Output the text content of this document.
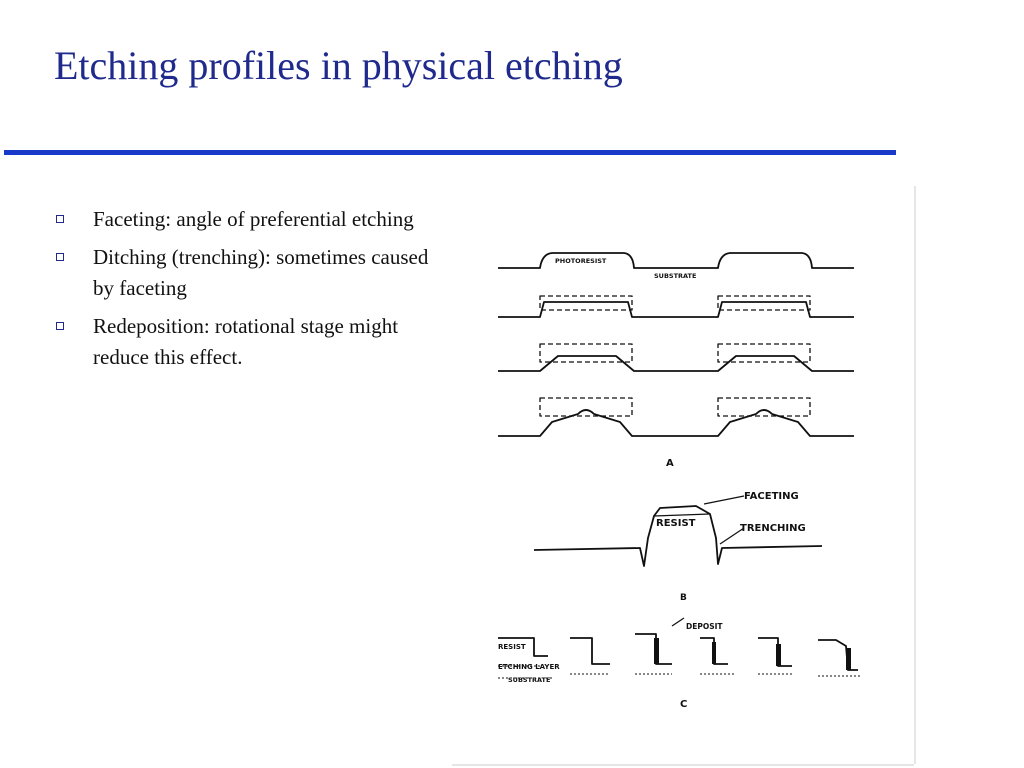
Etching profiles in physical etching
Faceting: angle of preferential etching
Ditching (trenching): sometimes caused by faceting
Redeposition: rotational stage might reduce this effect.
PHOTORESIST
SUBSTRATE
A
RESIST
FACETING
TRENCHING
B
DEPOSIT
RESIST
ETCHING LAYER
SUBSTRATE
C
